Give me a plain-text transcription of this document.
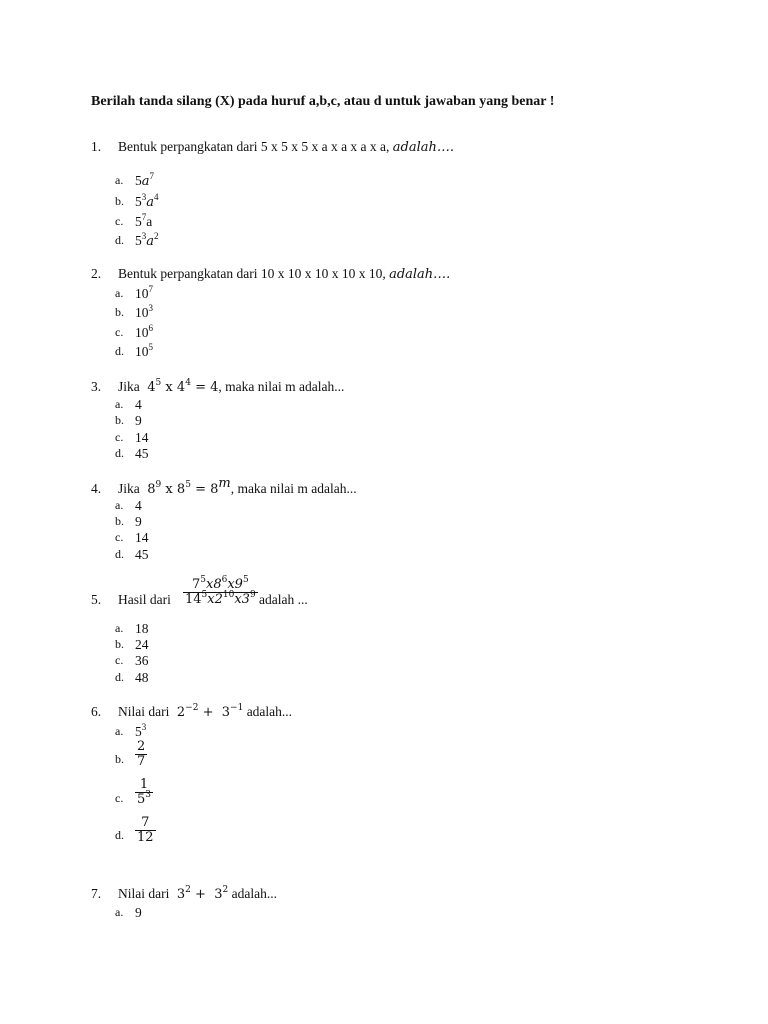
Berilah tanda silang (X) pada huruf a,b,c, atau d untuk jawaban yang benar !
1. Bentuk perpangkatan dari 5 x 5 x 5 x a x a x a x a, adalah….
a. $5a^7$
b. $5^3a^4$
c. $5^7a$
d. $5^3a^2$
2. Bentuk perpangkatan dari 10 x 10 x 10 x 10 x 10, adalah….
a. $10^7$
b. $10^3$
c. $10^6$
d. $10^5$
3. Jika $4^5$ x $4^4 = 4$, maka nilai m adalah...
a. 4
b. 9
c. 14
d. 45
4. Jika $8^9$ x $8^5 = 8^m$, maka nilai m adalah...
a. 4
b. 9
c. 14
d. 45
5. Hasil dari $\frac{7^5x8^6x9^5}{14^5x2^{10}x3^9}$ adalah ...
a. 18
b. 24
c. 36
d. 48
6. Nilai dari $2^{-2} + 3^{-1}$ adalah...
a. $5^3$
b. $\frac{2}{7}$
c. $\frac{1}{5^3}$
d. $\frac{7}{12}$
7. Nilai dari $3^2 + 3^2$ adalah...
a. 9
